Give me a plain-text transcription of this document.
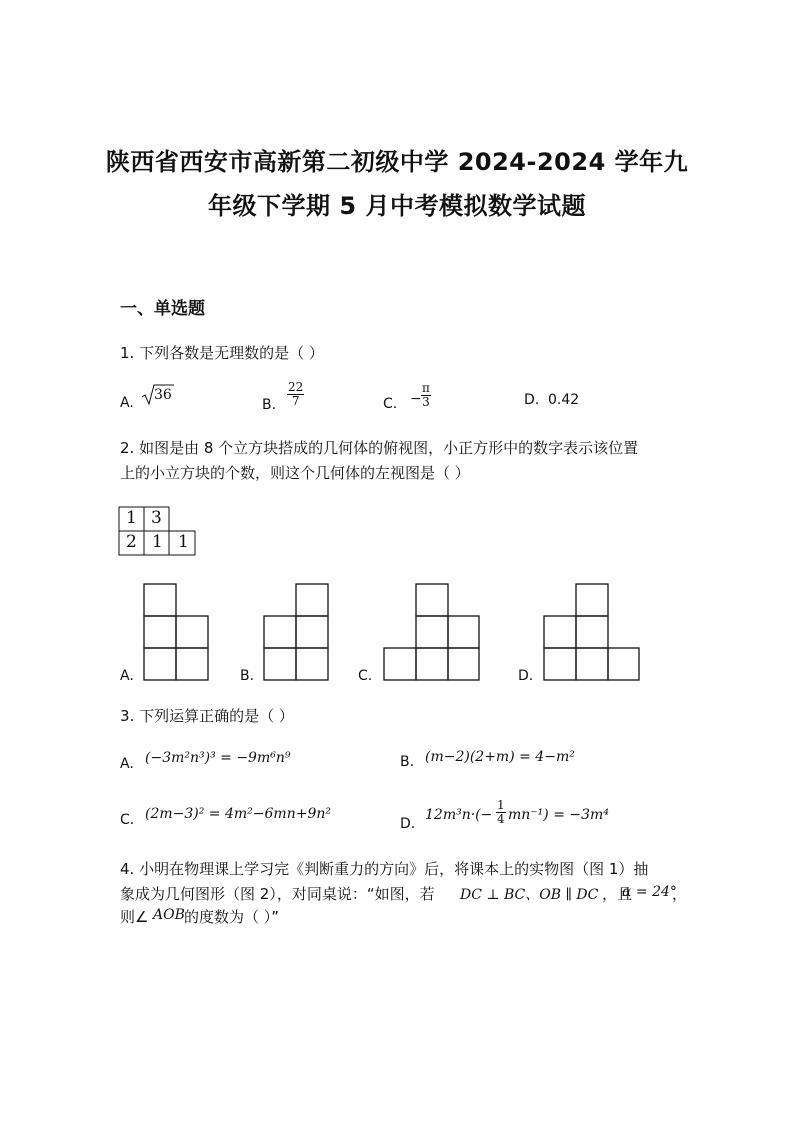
陕西省西安市高新第二初级中学 2024-2024 学年九
年级下学期 5 月中考模拟数学试题
一、单选题
1. 下列各数是无理数的是（ ）
A. 36
B. $\frac{22}{7}$	C. − $\frac{\pi}{3}$	D. 0.42
2. 如图是由 8 个立方块搭成的几何体的俯视图，小正方形中的数字表示该位置
上的小立方块的个数，则这个几何体的左视图是（ ）
1 3
2 1 1
A.	B.	C.	D.
3. 下列运算正确的是（ ）
A. (−3m²n³)³ = −9m⁶n⁹	B. (m−2)(2+m) = 4−m²
C. (2m−3)² = 4m²−6mn+9n²
D.
$12m^3n\cdot(- \frac{1}{4} mn^{-1}) = -3m^4$
4. 小明在物理课上学习完《判断重力的方向》后，将课本上的实物图（图 1）抽
象成为几何图形（图 2），对同桌说：“如图，若 DC ⊥ BC、OB ∥ DC ，且
α = 24°
，
则∠ AOB 的度数为（ ）”
